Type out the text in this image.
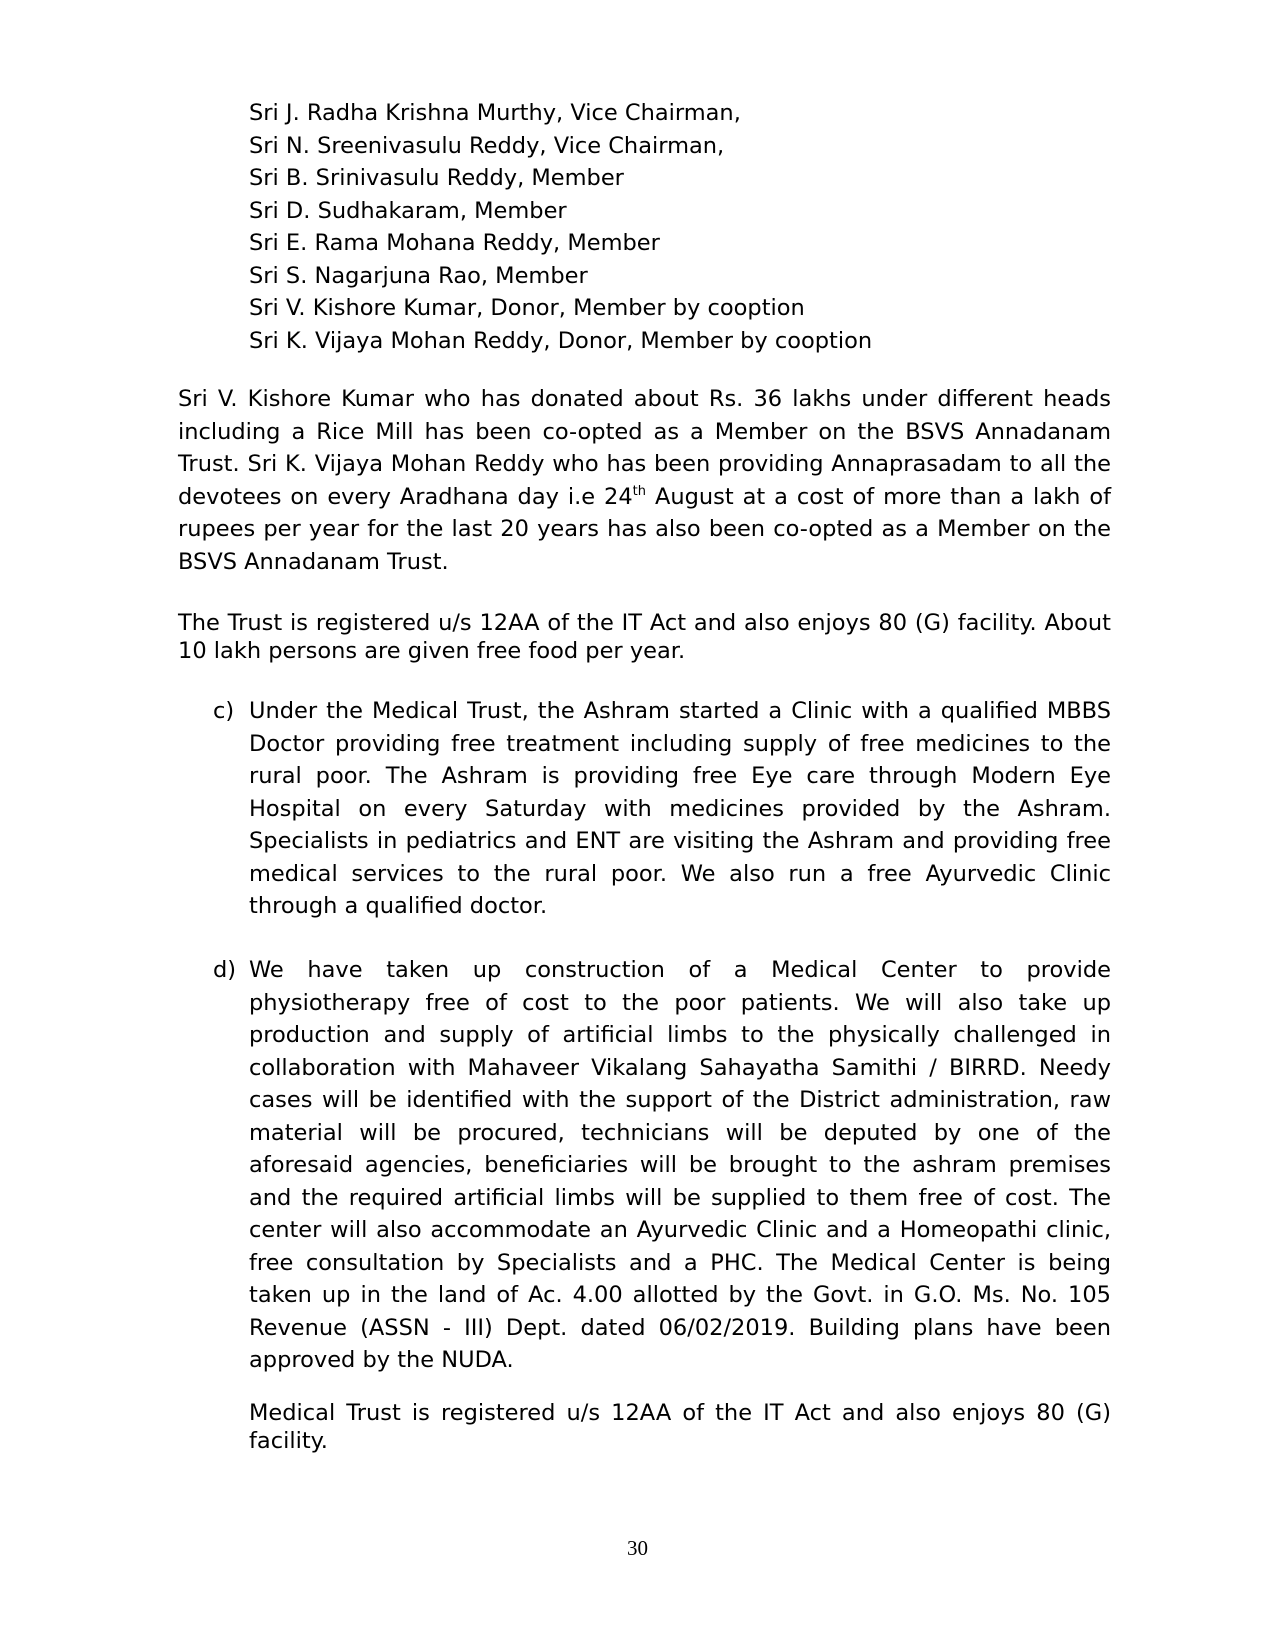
Sri J. Radha Krishna Murthy, Vice Chairman,
Sri N. Sreenivasulu Reddy, Vice Chairman,
Sri B. Srinivasulu Reddy, Member
Sri D. Sudhakaram, Member
Sri E. Rama Mohana Reddy, Member
Sri S. Nagarjuna Rao, Member
Sri V. Kishore Kumar, Donor, Member by cooption
Sri K. Vijaya Mohan Reddy, Donor, Member by cooption

Sri V. Kishore Kumar who has donated about Rs. 36 lakhs under different heads including a Rice Mill has been co-opted as a Member on the BSVS Annadanam Trust. Sri K. Vijaya Mohan Reddy who has been providing Annaprasadam to all the devotees on every Aradhana day i.e 24th August at a cost of more than a lakh of rupees per year for the last 20 years has also been co-opted as a Member on the BSVS Annadanam Trust.

The Trust is registered u/s 12AA of the IT Act and also enjoys 80 (G) facility. About 10 lakh persons are given free food per year.

c) Under the Medical Trust, the Ashram started a Clinic with a qualified MBBS Doctor providing free treatment including supply of free medicines to the rural poor. The Ashram is providing free Eye care through Modern Eye Hospital on every Saturday with medicines provided by the Ashram. Specialists in pediatrics and ENT are visiting the Ashram and providing free medical services to the rural poor. We also run a free Ayurvedic Clinic through a qualified doctor.

d) We have taken up construction of a Medical Center to provide physiotherapy free of cost to the poor patients. We will also take up production and supply of artificial limbs to the physically challenged in collaboration with Mahaveer Vikalang Sahayatha Samithi / BIRRD. Needy cases will be identified with the support of the District administration, raw material will be procured, technicians will be deputed by one of the aforesaid agencies, beneficiaries will be brought to the ashram premises and the required artificial limbs will be supplied to them free of cost. The center will also accommodate an Ayurvedic Clinic and a Homeopathi clinic, free consultation by Specialists and a PHC. The Medical Center is being taken up in the land of Ac. 4.00 allotted by the Govt. in G.O. Ms. No. 105 Revenue (ASSN - III) Dept. dated 06/02/2019. Building plans have been approved by the NUDA.

Medical Trust is registered u/s 12AA of the IT Act and also enjoys 80 (G) facility.

30
